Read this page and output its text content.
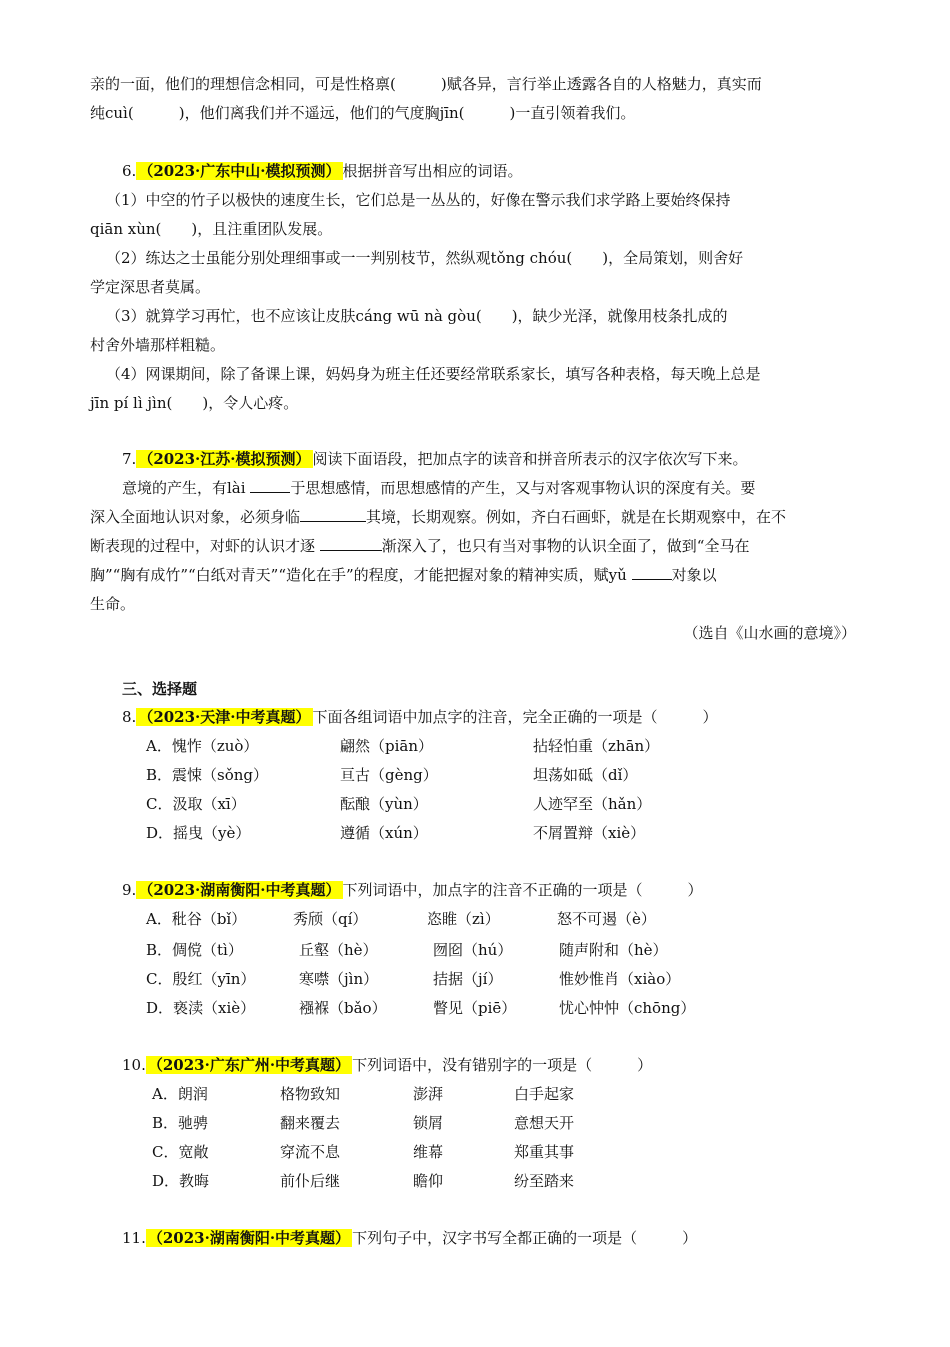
亲的一面，他们的理想信念相同，可是性格禀(　　　)赋各异，言行举止透露各自的人格魅力，真实而
纯cuì(　　　)，他们离我们并不遥远，他们的气度胸jīn(　　　)一直引领着我们。
6. （2023·广东中山·模拟预测） 根据拼音写出相应的词语。
（1）中空的竹子以极快的速度生长，它们总是一丛丛的，好像在警示我们求学路上要始终保持
qiān xùn(　　)，且注重团队发展。
（2）练达之士虽能分别处理细事或一一判别枝节，然纵观tǒng chóu(　　)，全局策划，则舍好
学定深思者莫属。
（3）就算学习再忙，也不应该让皮肤cáng wū nà gòu(　　)，缺少光泽，就像用枝条扎成的
村舍外墙那样粗糙。
（4）网课期间，除了备课上课，妈妈身为班主任还要经常联系家长，填写各种表格，每天晚上总是
jīn pí lì jìn(　　)，令人心疼。
7. （2023·江苏·模拟预测） 阅读下面语段，把加点字的读音和拼音所表示的汉字依次写下来。
意境的产生，有lài	于思想感情，而思想感情的产生，又与对客观事物认识的深度有关。要
深入全面地认识对象，必须身临	其境，长期观察。例如，齐白石画虾，就是在长期观察中，在不
断表现的过程中，对虾的认识才逐	渐深入了，也只有当对事物的认识全面了，做到“全马在
胸”“胸有成竹”“白纸对青天”“造化在手”的程度，才能把握对象的精神实质，赋yǔ	对象以
生命。
（选自《山水画的意境》）
三、选择题
8. （2023·天津·中考真题） 下面各组词语中加点字的注音，完全正确的一项是（　　　）
A．愧怍（zuò）	翩然（piān）	拈轻怕重（zhān）
B．震悚（sǒng）	亘古（gèng）	坦荡如砥（dǐ）
C．汲取（xī）	酝酿（yùn）	人迹罕至（hǎn）
D．摇曳（yè）	遵循（xún）	不屑置辩（xiè）
9. （2023·湖南衡阳·中考真题） 下列词语中，加点字的注音不正确的一项是（　　　）
A．秕谷（bǐ）	秀颀（qí）	恣睢（zì）	怒不可遏（è）
B．倜傥（tì）	丘壑（hè）	囫囵（hú）	随声附和（hè）
C．殷红（yīn）	寒噤（jìn）	拮据（jí）	惟妙惟肖（xiào）
D．亵渎（xiè）	襁褓（bǎo）	瞥见（piē）	忧心忡忡（chōng）
10. （2023·广东广州·中考真题） 下列词语中，没有错别字的一项是（　　　）
A．朗润	格物致知	澎湃	白手起家
B．驰骋	翻来覆去	锁屑	意想天开
C．宽敞	穿流不息	维幕	郑重其事
D．教晦	前仆后继	瞻仰	纷至踏来
11. （2023·湖南衡阳·中考真题） 下列句子中，汉字书写全都正确的一项是（　　　）
